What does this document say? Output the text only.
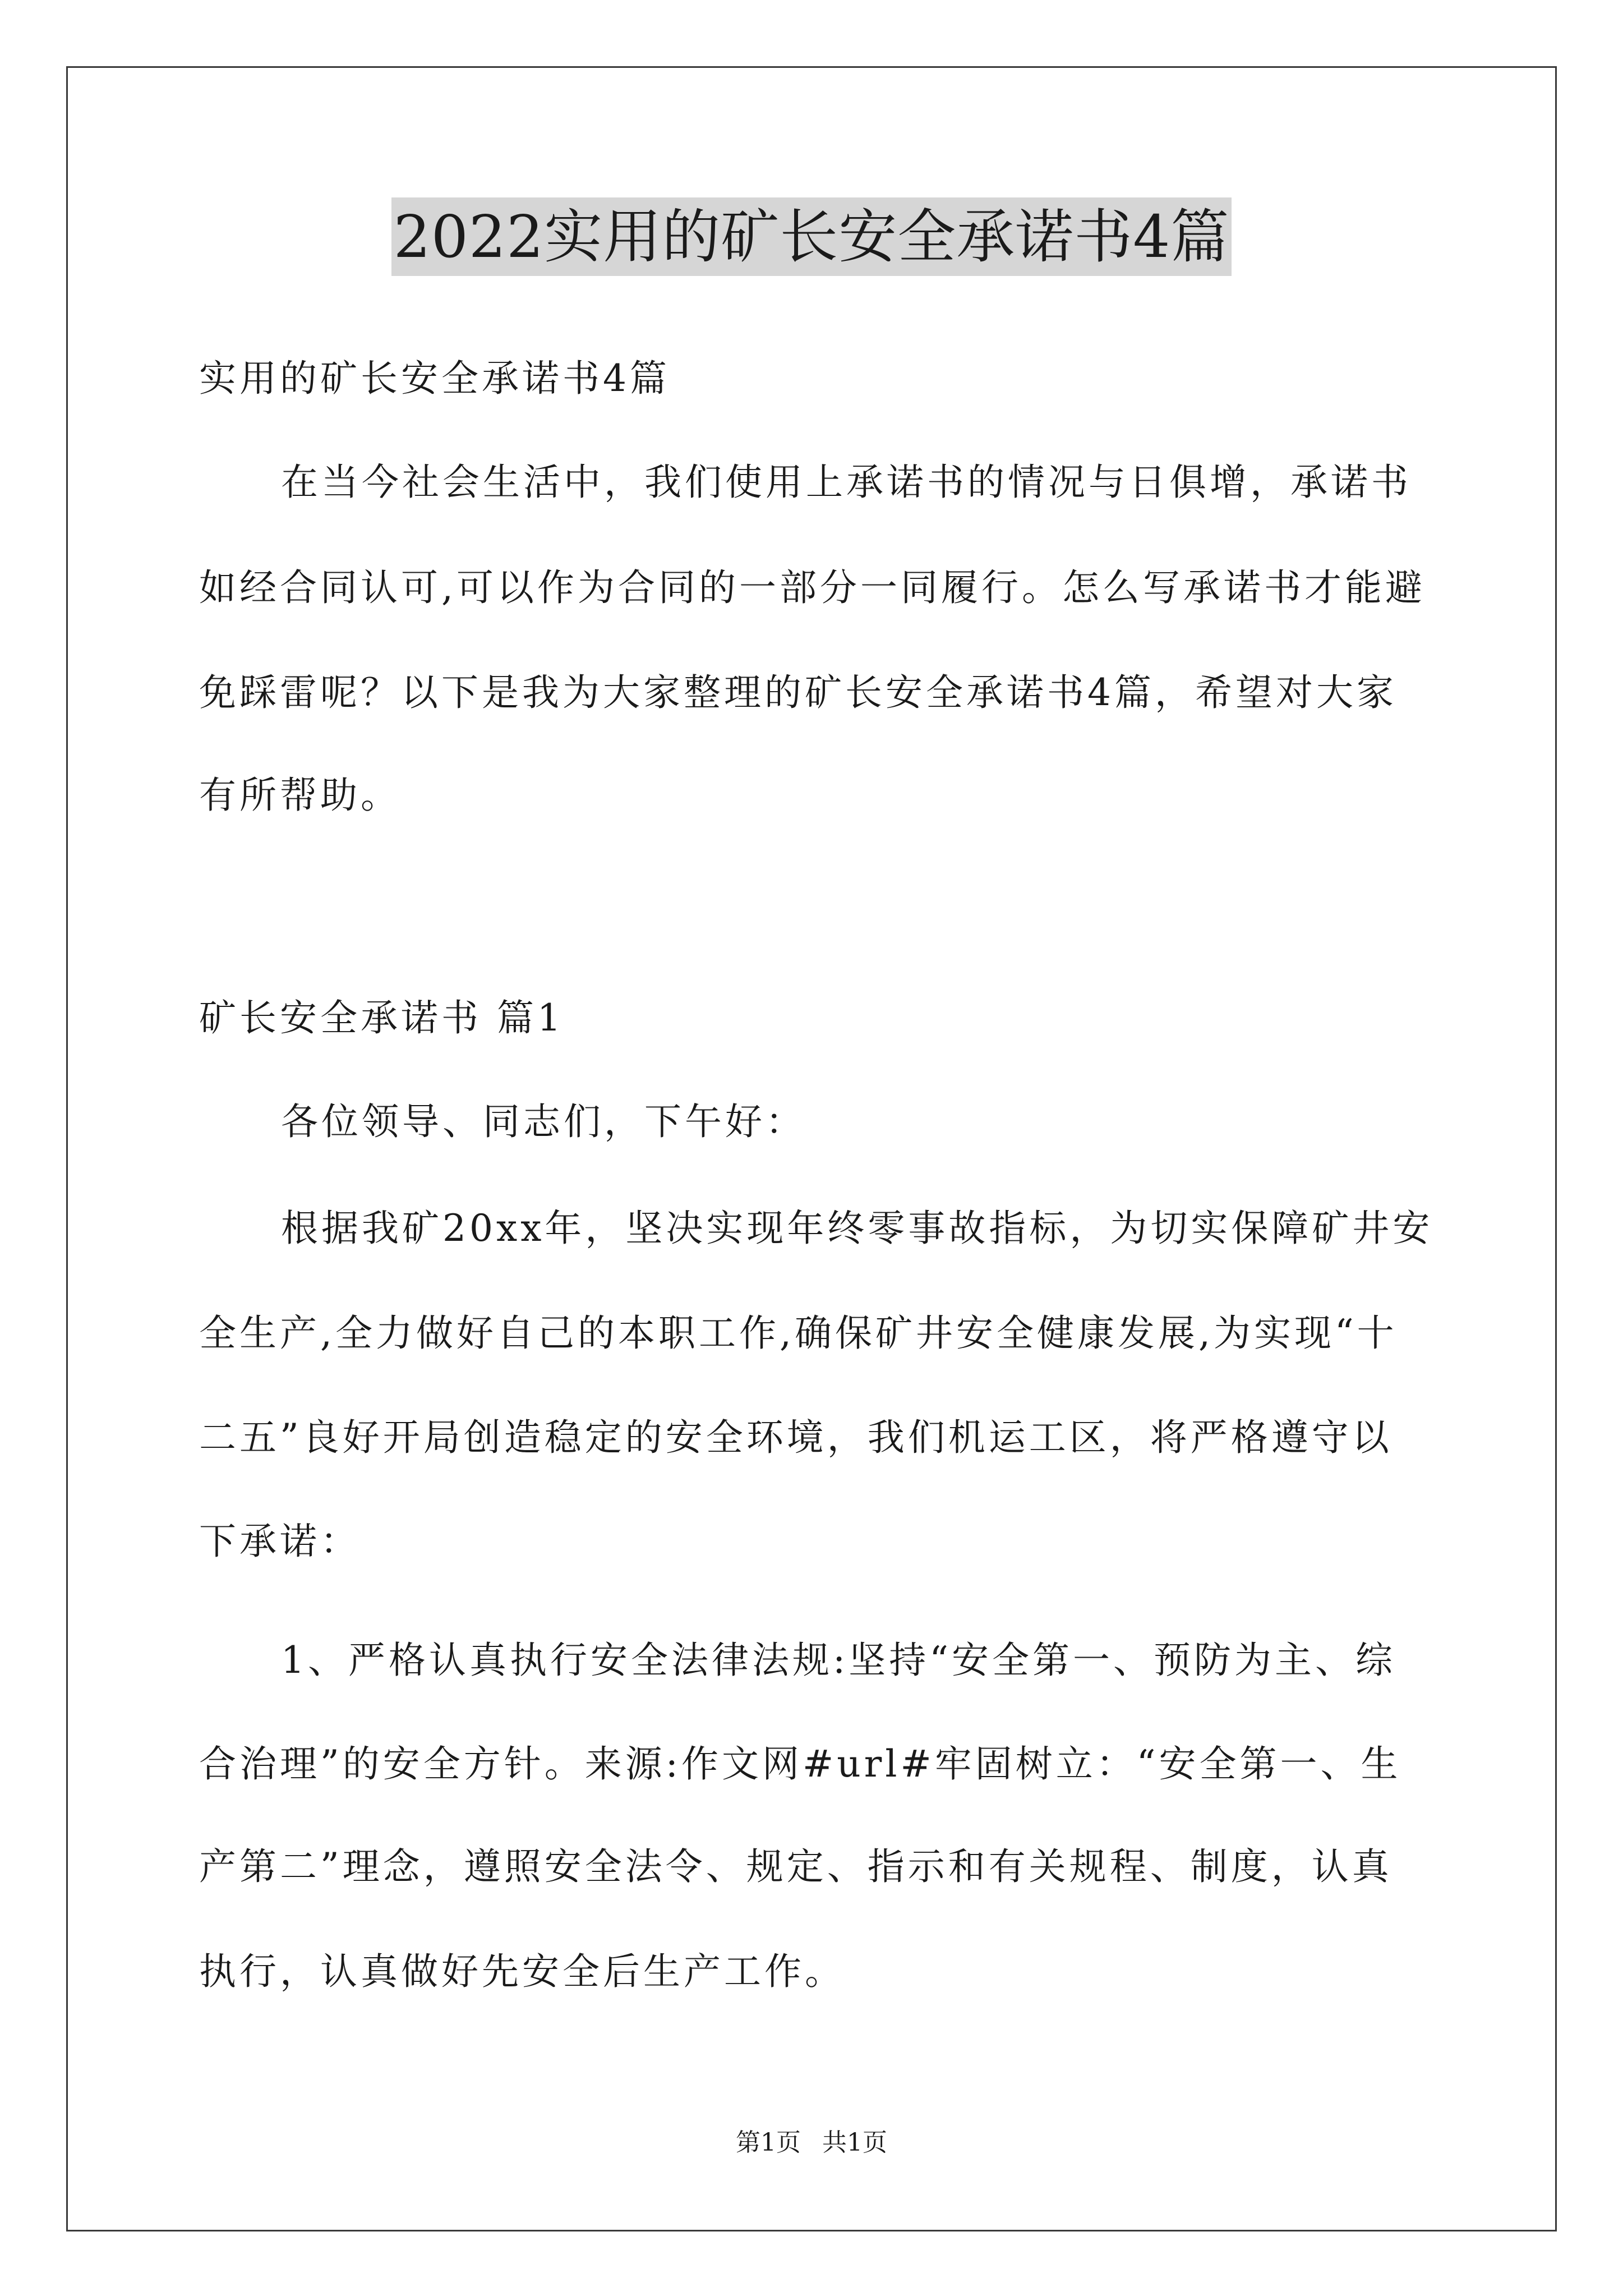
2022实用的矿长安全承诺书4篇
实用的矿长安全承诺书4篇
在当今社会生活中，我们使用上承诺书的情况与日俱增，承诺书
如经合同认可,可以作为合同的一部分一同履行。怎么写承诺书才能避
免踩雷呢？以下是我为大家整理的矿长安全承诺书4篇，希望对大家
有所帮助。
矿长安全承诺书 篇1
各位领导、同志们，下午好：
根据我矿20xx年，坚决实现年终零事故指标，为切实保障矿井安
全生产,全力做好自己的本职工作,确保矿井安全健康发展,为实现“十
二五”良好开局创造稳定的安全环境，我们机运工区，将严格遵守以
下承诺：
1、严格认真执行安全法律法规:坚持“安全第一、预防为主、综
合治理”的安全方针。来源:作文网#url#牢固树立：“安全第一、生
产第二”理念，遵照安全法令、规定、指示和有关规程、制度，认真
执行，认真做好先安全后生产工作。
第1页 共1页
